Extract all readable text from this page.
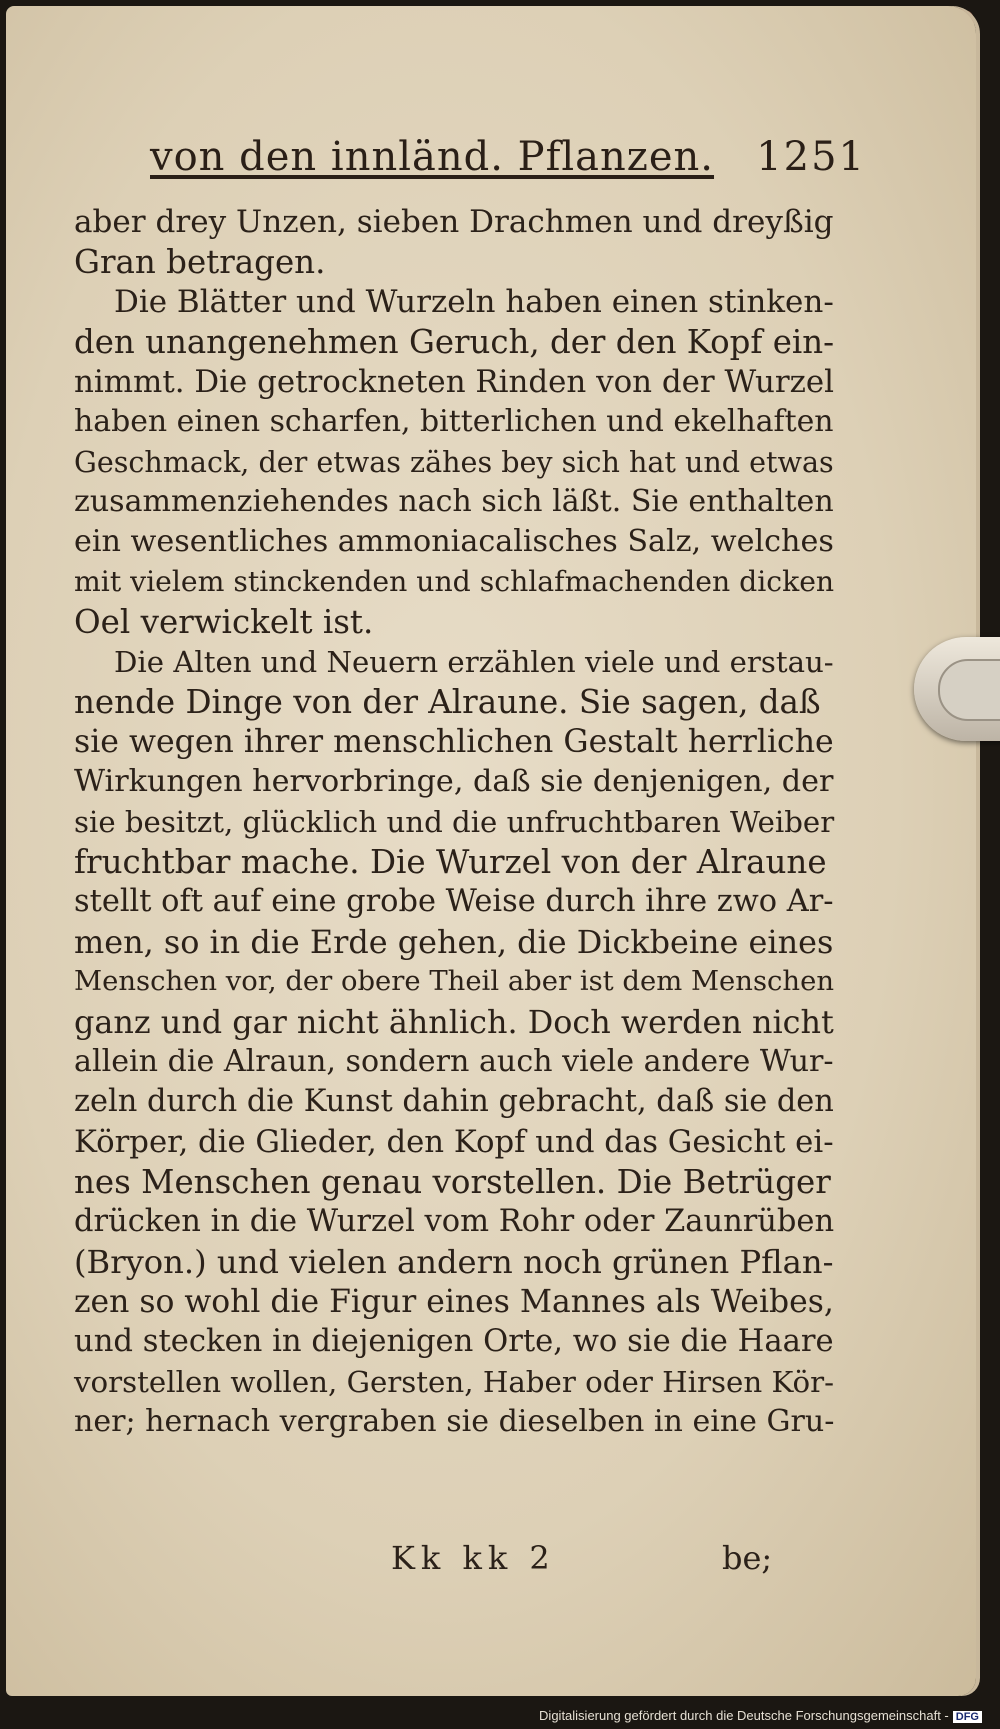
von den innländ. Pflanzen. 1251
aber drey Unzen, sieben Drachmen und dreyßig
Gran betragen.
Die Blätter und Wurzeln haben einen stinken-
den unangenehmen Geruch, der den Kopf ein-
nimmt. Die getrockneten Rinden von der Wurzel
haben einen scharfen, bitterlichen und ekelhaften
Geschmack, der etwas zähes bey sich hat und etwas
zusammenziehendes nach sich läßt. Sie enthalten
ein wesentliches ammoniacalisches Salz, welches
mit vielem stinckenden und schlafmachenden dicken
Oel verwickelt ist.
Die Alten und Neuern erzählen viele und erstau-
nende Dinge von der Alraune. Sie sagen, daß
sie wegen ihrer menschlichen Gestalt herrliche
Wirkungen hervorbringe, daß sie denjenigen, der
sie besitzt, glücklich und die unfruchtbaren Weiber
fruchtbar mache. Die Wurzel von der Alraune
stellt oft auf eine grobe Weise durch ihre zwo Ar-
men, so in die Erde gehen, die Dickbeine eines
Menschen vor, der obere Theil aber ist dem Menschen
ganz und gar nicht ähnlich. Doch werden nicht
allein die Alraun, sondern auch viele andere Wur-
zeln durch die Kunst dahin gebracht, daß sie den
Körper, die Glieder, den Kopf und das Gesicht ei-
nes Menschen genau vorstellen. Die Betrüger
drücken in die Wurzel vom Rohr oder Zaunrüben
(Bryon.) und vielen andern noch grünen Pflan-
zen so wohl die Figur eines Mannes als Weibes,
und stecken in diejenigen Orte, wo sie die Haare
vorstellen wollen, Gersten, Haber oder Hirsen Kör-
ner; hernach vergraben sie dieselben in eine Gru-
Kk kk 2	be;
Digitalisierung gefördert durch die Deutsche Forschungsgemeinschaft - DFG
